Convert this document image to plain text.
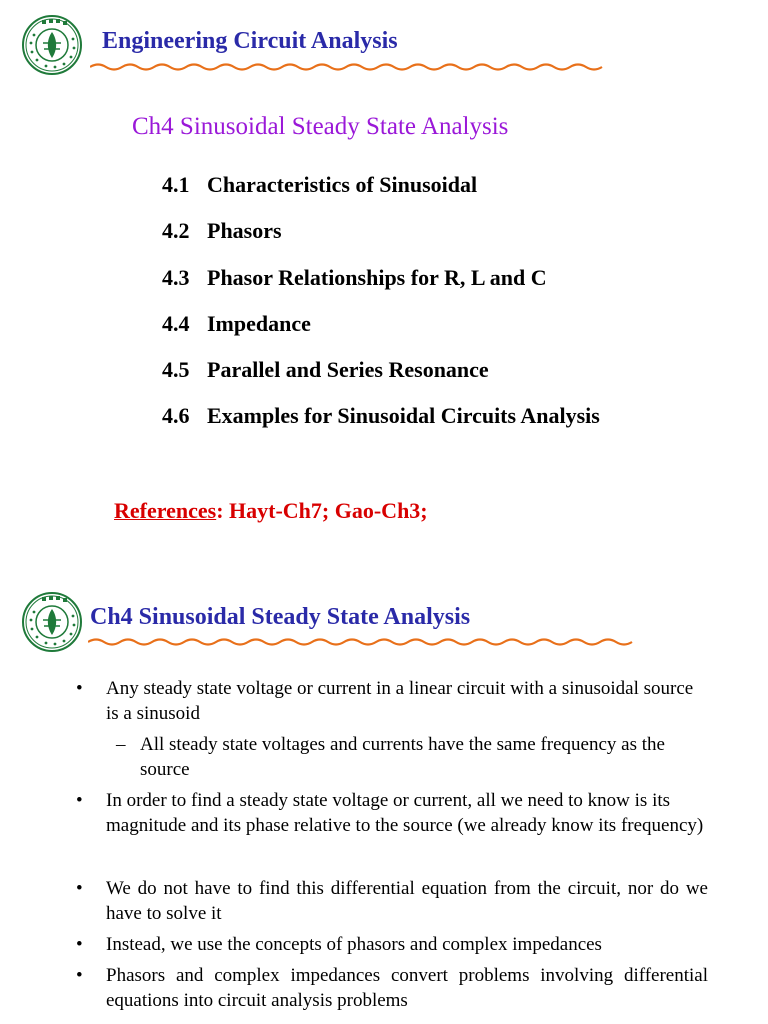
Engineering Circuit Analysis
Ch4 Sinusoidal Steady State Analysis
4.1 Characteristics of Sinusoidal
4.2 Phasors
4.3 Phasor Relationships for R, L and C
4.4 Impedance
4.5 Parallel and Series Resonance
4.6 Examples for Sinusoidal Circuits Analysis
References: Hayt-Ch7; Gao-Ch3;
Ch4 Sinusoidal Steady State Analysis
• Any steady state voltage or current in a linear circuit with a sinusoidal source is a sinusoid
– All steady state voltages and currents have the same frequency as the source
• In order to find a steady state voltage or current, all we need to know is its magnitude and its phase relative to the source (we already know its frequency)
• We do not have to find this differential equation from the circuit, nor do we have to solve it
• Instead, we use the concepts of phasors and complex impedances
• Phasors and complex impedances convert problems involving differential equations into circuit analysis problems
